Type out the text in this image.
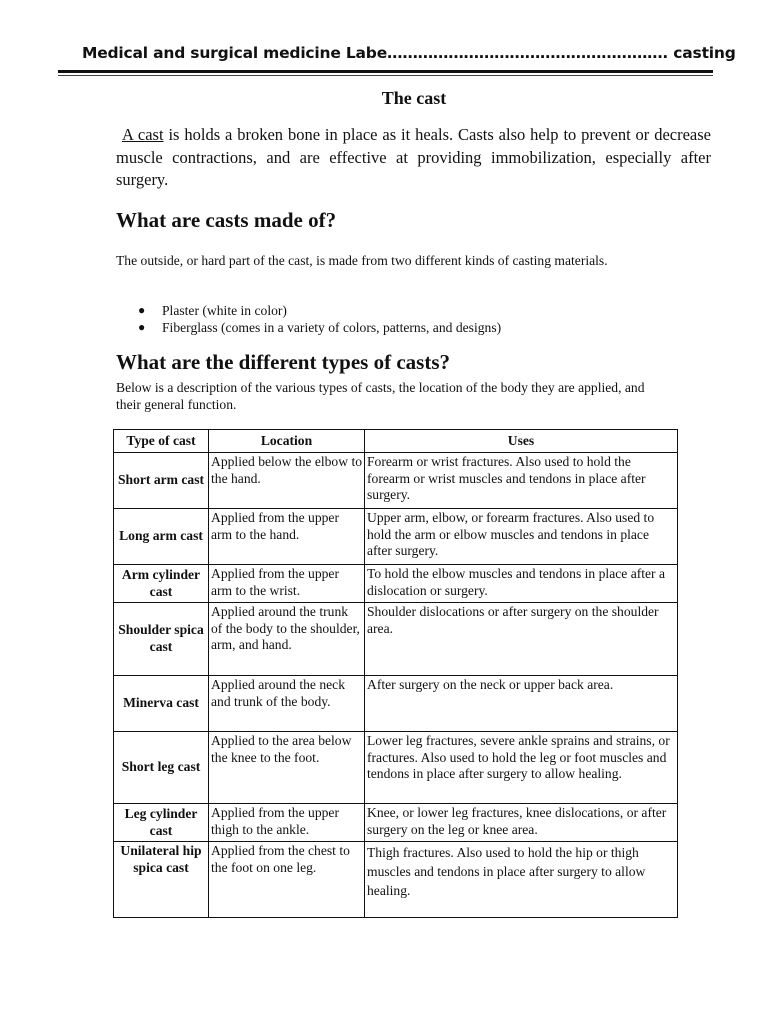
Medical and surgical medicine Labe………………………………………………. casting
The cast

A cast is holds a broken bone in place as it heals. Casts also help to prevent or decrease muscle contractions, and are effective at providing immobilization, especially after surgery.

What are casts made of?

The outside, or hard part of the cast, is made from two different kinds of casting materials.

● Plaster (white in color)
● Fiberglass (comes in a variety of colors, patterns, and designs)
What are the different types of casts?

Below is a description of the various types of casts, the location of the body they are applied, and their general function.

Type of cast	Location	Uses
Short arm cast	Applied below the elbow to the hand.	Forearm or wrist fractures. Also used to hold the forearm or wrist muscles and tendons in place after surgery.
Long arm cast	Applied from the upper arm to the hand.	Upper arm, elbow, or forearm fractures. Also used to hold the arm or elbow muscles and tendons in place after surgery.
Arm cylinder cast	Applied from the upper arm to the wrist.	To hold the elbow muscles and tendons in place after a dislocation or surgery.
Shoulder spica cast	Applied around the trunk of the body to the shoulder, arm, and hand.	Shoulder dislocations or after surgery on the shoulder area.
Minerva cast	Applied around the neck and trunk of the body.	After surgery on the neck or upper back area.
Short leg cast	Applied to the area below the knee to the foot.	Lower leg fractures, severe ankle sprains and strains, or fractures. Also used to hold the leg or foot muscles and tendons in place after surgery to allow healing.
Leg cylinder cast	Applied from the upper thigh to the ankle.	Knee, or lower leg fractures, knee dislocations, or after surgery on the leg or knee area.
Unilateral hip spica cast	Applied from the chest to the foot on one leg.	Thigh fractures. Also used to hold the hip or thigh muscles and tendons in place after surgery to allow healing.
